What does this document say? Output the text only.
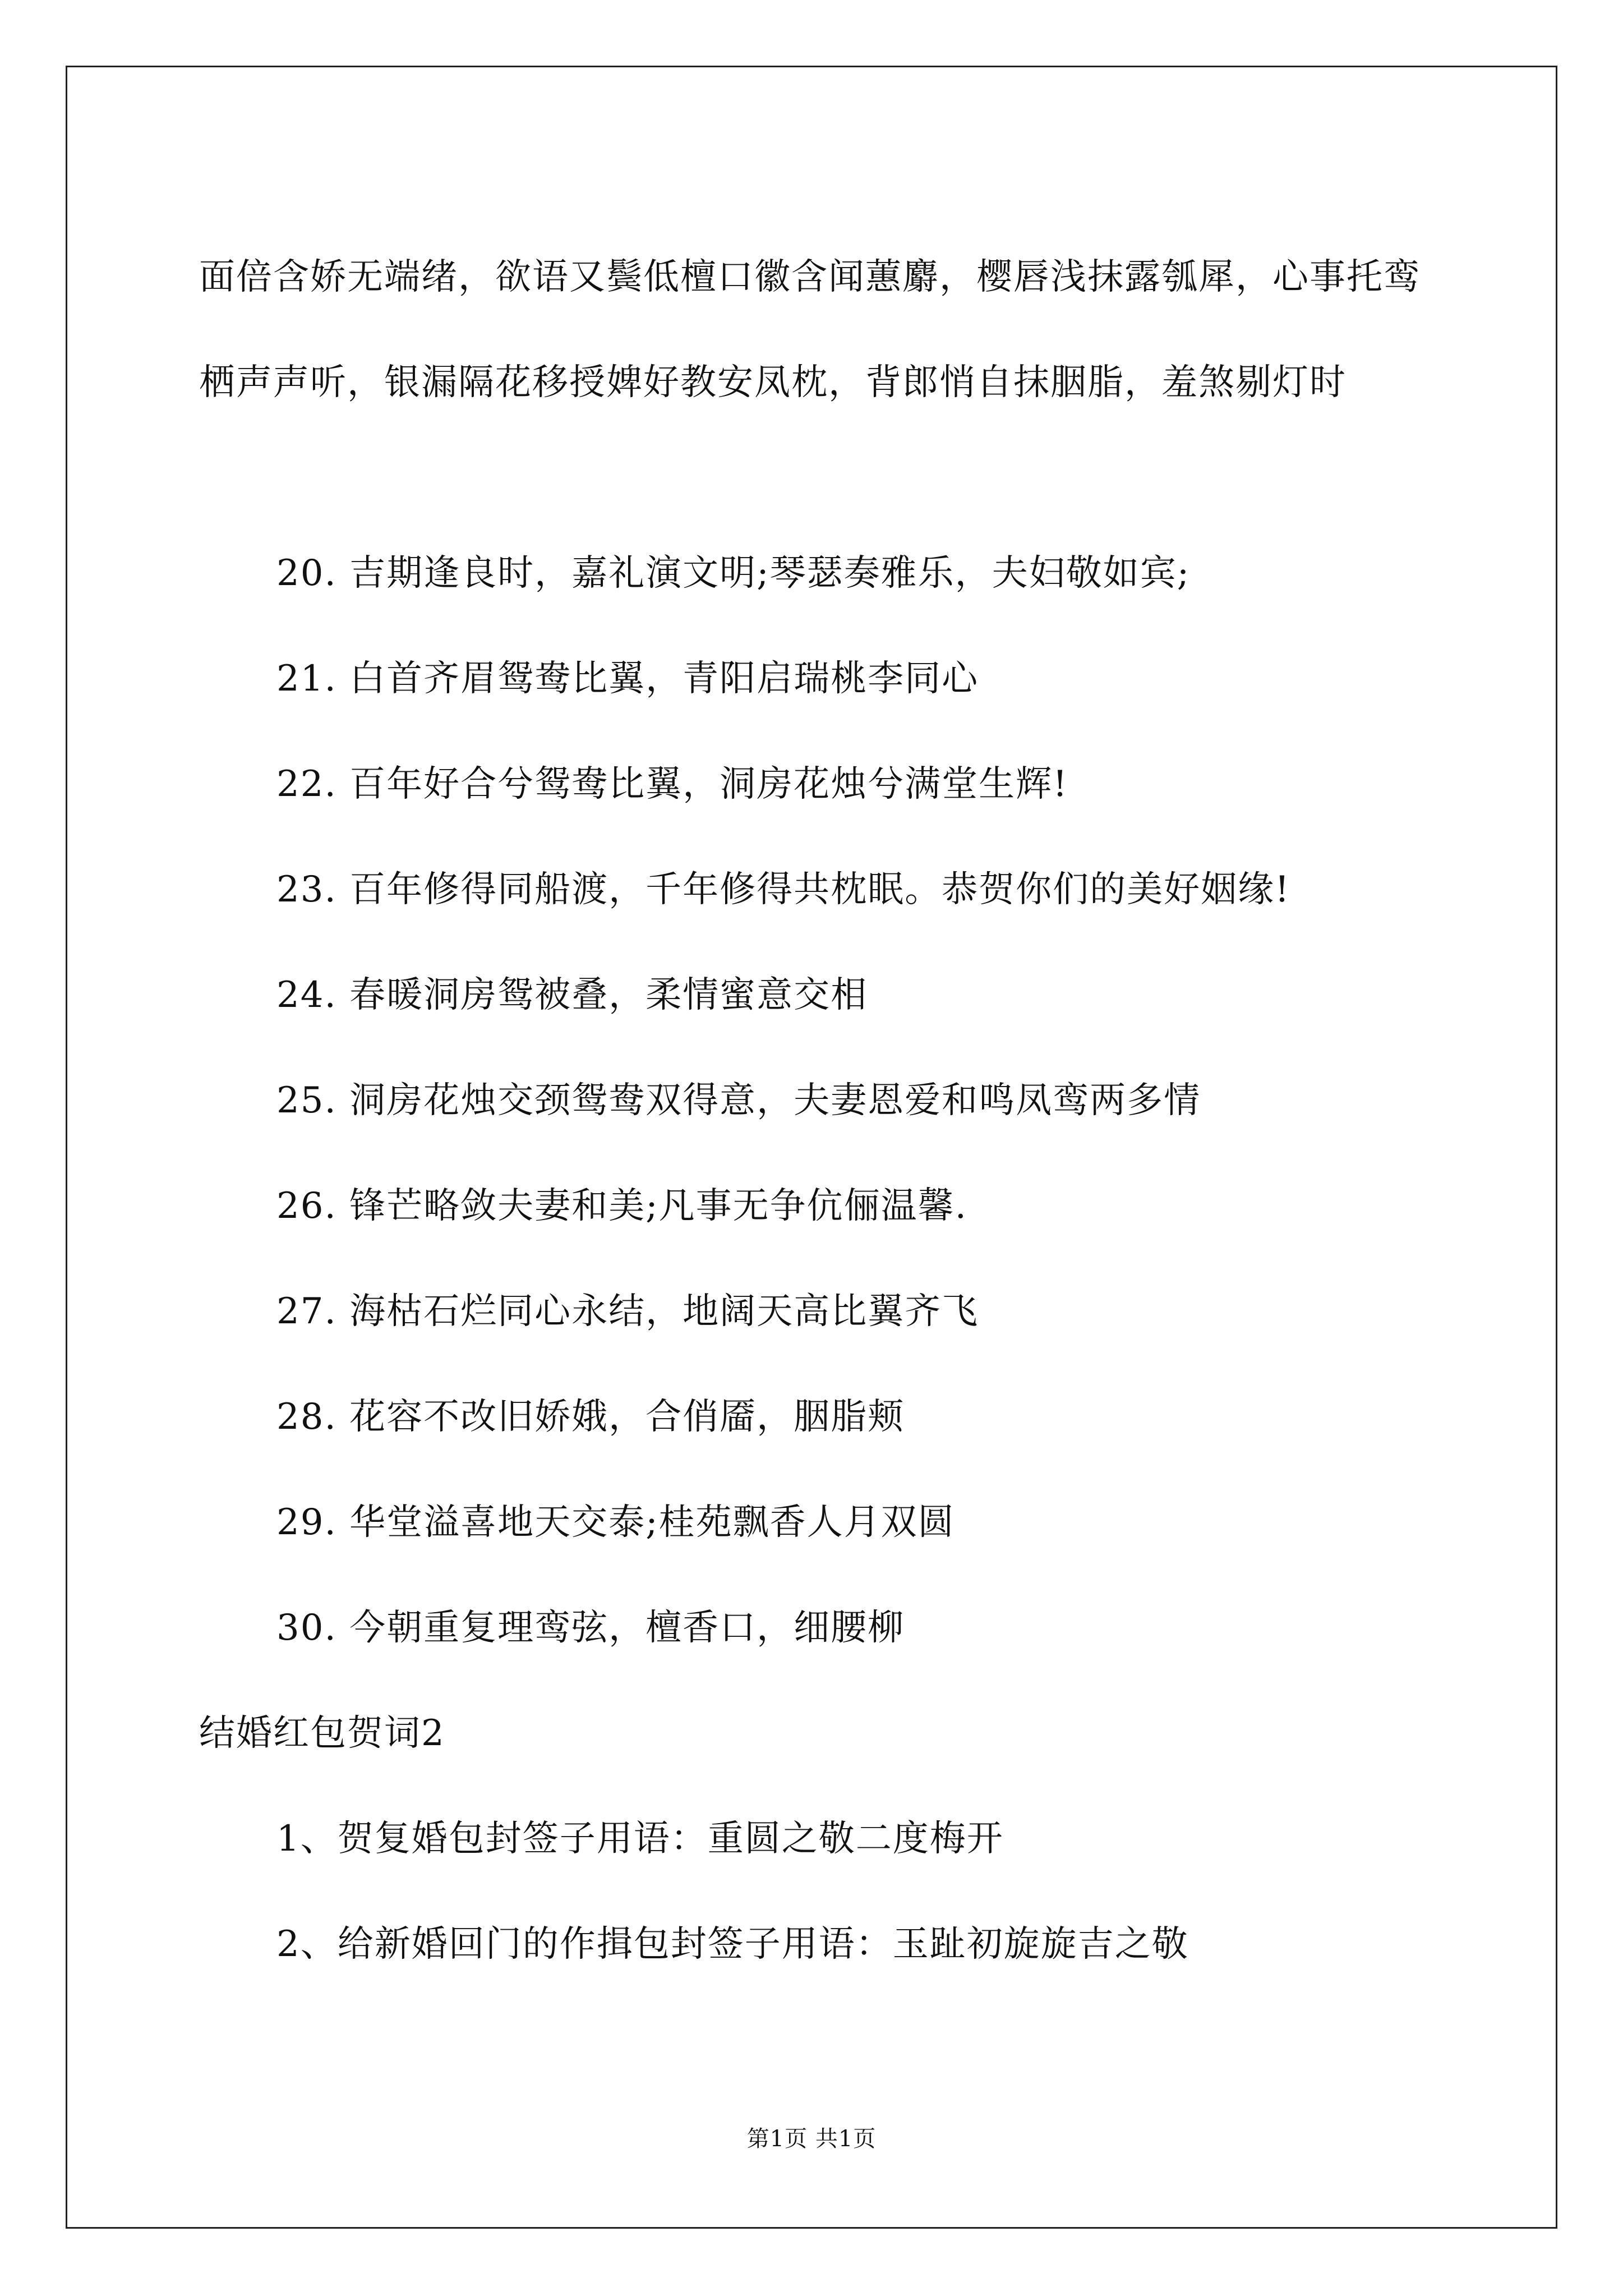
面倍含娇无端绪，欲语又鬓低檀口徽含闻蕙麝，樱唇浅抹露瓠犀，心事托鸾栖声声听，银漏隔花移授婢好教安凤枕，背郎悄自抹胭脂，羞煞剔灯时

20. 吉期逢良时，嘉礼演文明;琴瑟奏雅乐，夫妇敬如宾;

21. 白首齐眉鸳鸯比翼，青阳启瑞桃李同心

22. 百年好合兮鸳鸯比翼，洞房花烛兮满堂生辉!

23. 百年修得同船渡，千年修得共枕眠。恭贺你们的美好姻缘!

24. 春暖洞房鸳被叠，柔情蜜意交相

25. 洞房花烛交颈鸳鸯双得意，夫妻恩爱和鸣凤鸾两多情

26. 锋芒略敛夫妻和美;凡事无争伉俪温馨.

27. 海枯石烂同心永结，地阔天高比翼齐飞

28. 花容不改旧娇娥，合俏靥，胭脂颊

29. 华堂溢喜地天交泰;桂苑飘香人月双圆

30. 今朝重复理鸾弦，檀香口，细腰柳

结婚红包贺词2

1、贺复婚包封签子用语：重圆之敬二度梅开

2、给新婚回门的作揖包封签子用语：玉趾初旋旋吉之敬

第1页 共1页
